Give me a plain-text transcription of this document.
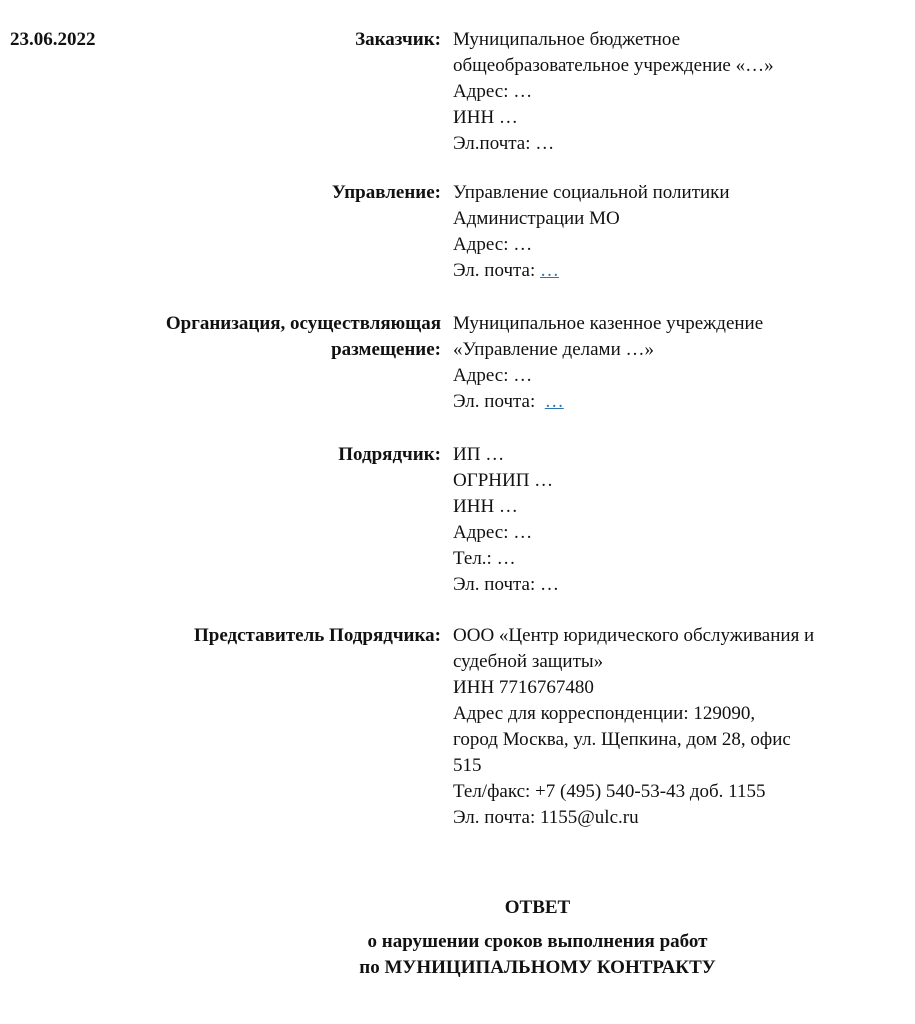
23.06.2022	Заказчик: Муниципальное бюджетное
общеобразовательное учреждение «…»
Адрес: …
ИНН …
Эл.почта: …
Управление: Управление социальной политики
Администрации МО
Адрес: …
Эл. почта: …
Организация, осуществляющая
размещение:
Муниципальное казенное учреждение
«Управление делами …»
Адрес: …
Эл. почта:  …
Подрядчик: ИП …
ОГРНИП …
ИНН …
Адрес: …
Тел.: …
Эл. почта: …
Представитель Подрядчика: ООО «Центр юридического обслуживания и
судебной защиты»
ИНН 7716767480
Адрес для корреспонденции: 129090,
город Москва, ул. Щепкина, дом 28, офис
515
Тел/факс: +7 (495) 540-53-43 доб. 1155
Эл. почта: 1155@ulc.ru
ОТВЕТ
о нарушении сроков выполнения работ
по МУНИЦИПАЛЬНОМУ КОНТРАКТУ
